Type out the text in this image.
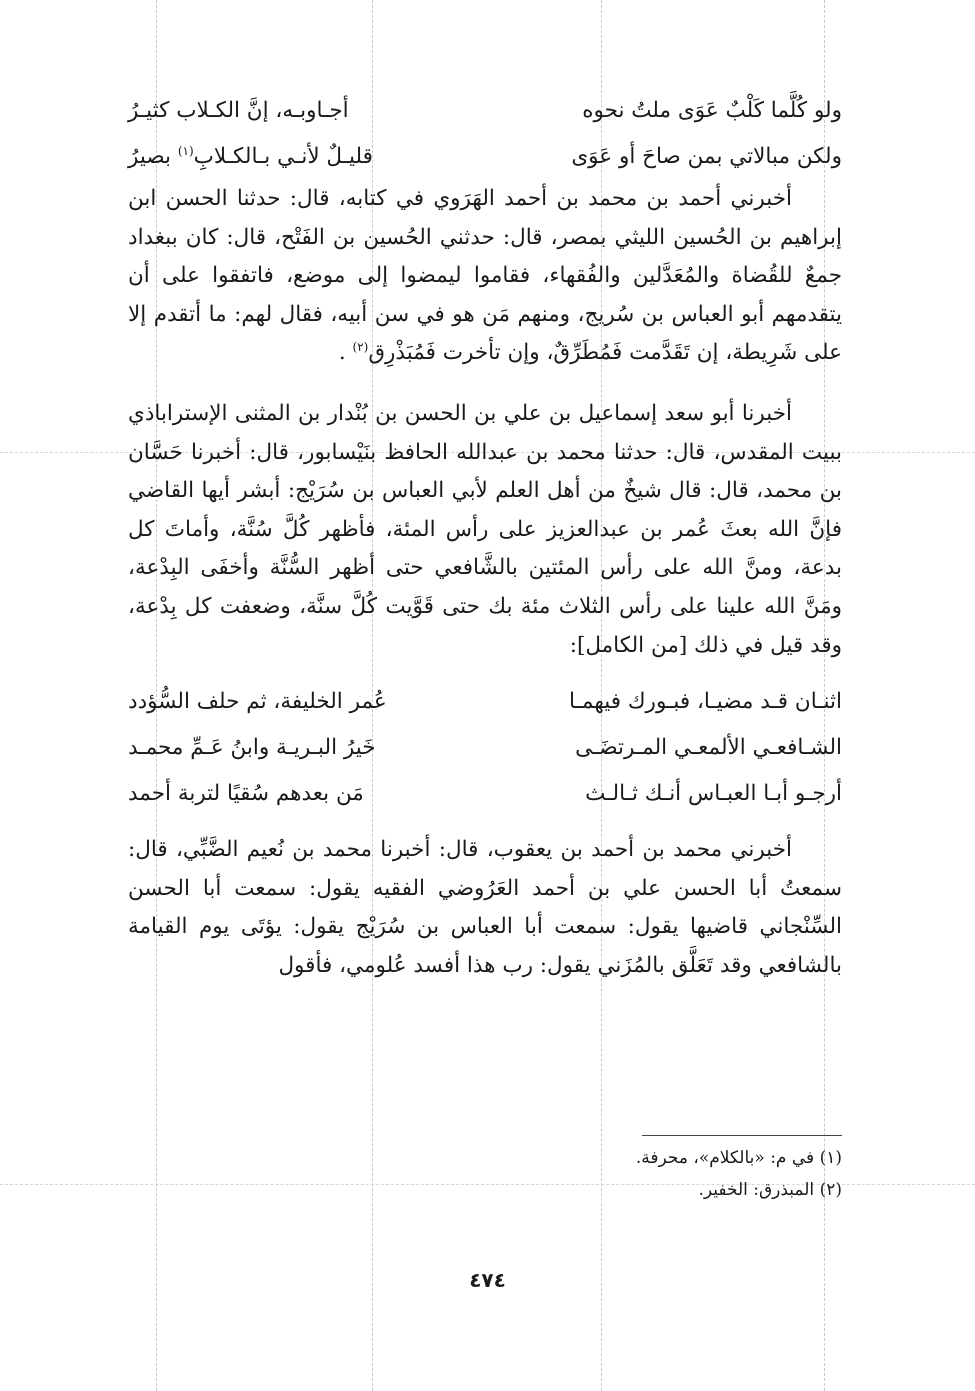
ولو كُلَّما كَلْبٌ عَوَى ملتُ نحوه
أجـاوبـه، إنَّ الكـلاب كثيـرُ
ولكن مبالاتي بمن صاحَ أو عَوَى
قليـلٌ لأنـي بـالكـلابِ$^{(١)}$ بصيرُ

أخبرني أحمد بن محمد بن أحمد الهَرَوي في كتابه، قال: حدثنا الحسن ابن إبراهيم بن الحُسين الليثي بمصر، قال: حدثني الحُسين بن الفَتْح، قال: كان ببغداد جمعٌ للقُضاة والمُعَدَّلين والفُقهاء، فقاموا ليمضوا إلى موضع، فاتفقوا على أن يتقدمهم أبو العباس بن سُريج، ومنهم مَن هو في سن أبيه، فقال لهم: ما أتقدم إلا على شَرِيطة، إن تَقَدَّمت فَمُطَرِّقٌ، وإن تأخرت فَمُبَذْرِق$^{(٢)}$ .

أخبرنا أبو سعد إسماعيل بن علي بن الحسن بن بُنْدار بن المثنى الإستراباذي ببيت المقدس، قال: حدثنا محمد بن عبدالله الحافظ بنَيْسابور، قال: أخبرنا حَسَّان بن محمد، قال: قال شيخٌ من أهل العلم لأبي العباس بن سُرَيْج: أبشر أيها القاضي فإنَّ الله بعثَ عُمر بن عبدالعزيز على رأس المئة، فأظهر كُلَّ سُنَّة، وأماتَ كل بدعة، ومنَّ الله على رأس المئتين بالشَّافعي حتى أظهر السُّنَّة وأخفَى البِدْعة، ومَنَّ الله علينا على رأس الثلاث مئة بك حتى قَوَّيت كُلَّ سنَّة، وضعفت كل بِدْعة، وقد قيل في ذلك [من الكامل]:

اثنـان قـد مضيـا، فبـورك فيهمـا
عُمر الخليفة، ثم حلف السُّؤدد
الشـافعـي الألمعـي المـرتضَـى
خَيرُ البـريـة وابنُ عَـمِّ محمـد
أرجـو أبـا العبـاس أنـك ثـالـث
مَن بعدهم سُقيًا لتربة أحمد

أخبرني محمد بن أحمد بن يعقوب، قال: أخبرنا محمد بن نُعيم الضَّبِّي، قال: سمعتُ أبا الحسن علي بن أحمد العَرُوضي الفقيه يقول: سمعت أبا الحسن السِّنْجاني قاضيها يقول: سمعت أبا العباس بن سُرَيْج يقول: يؤتَى يوم القيامة بالشافعي وقد تَعَلَّق بالمُزَني يقول: رب هذا أفسد عُلومي، فأقول

(١) في م: «بالكلام»، محرفة.
(٢) المبذرق: الخفير.
٤٧٤
